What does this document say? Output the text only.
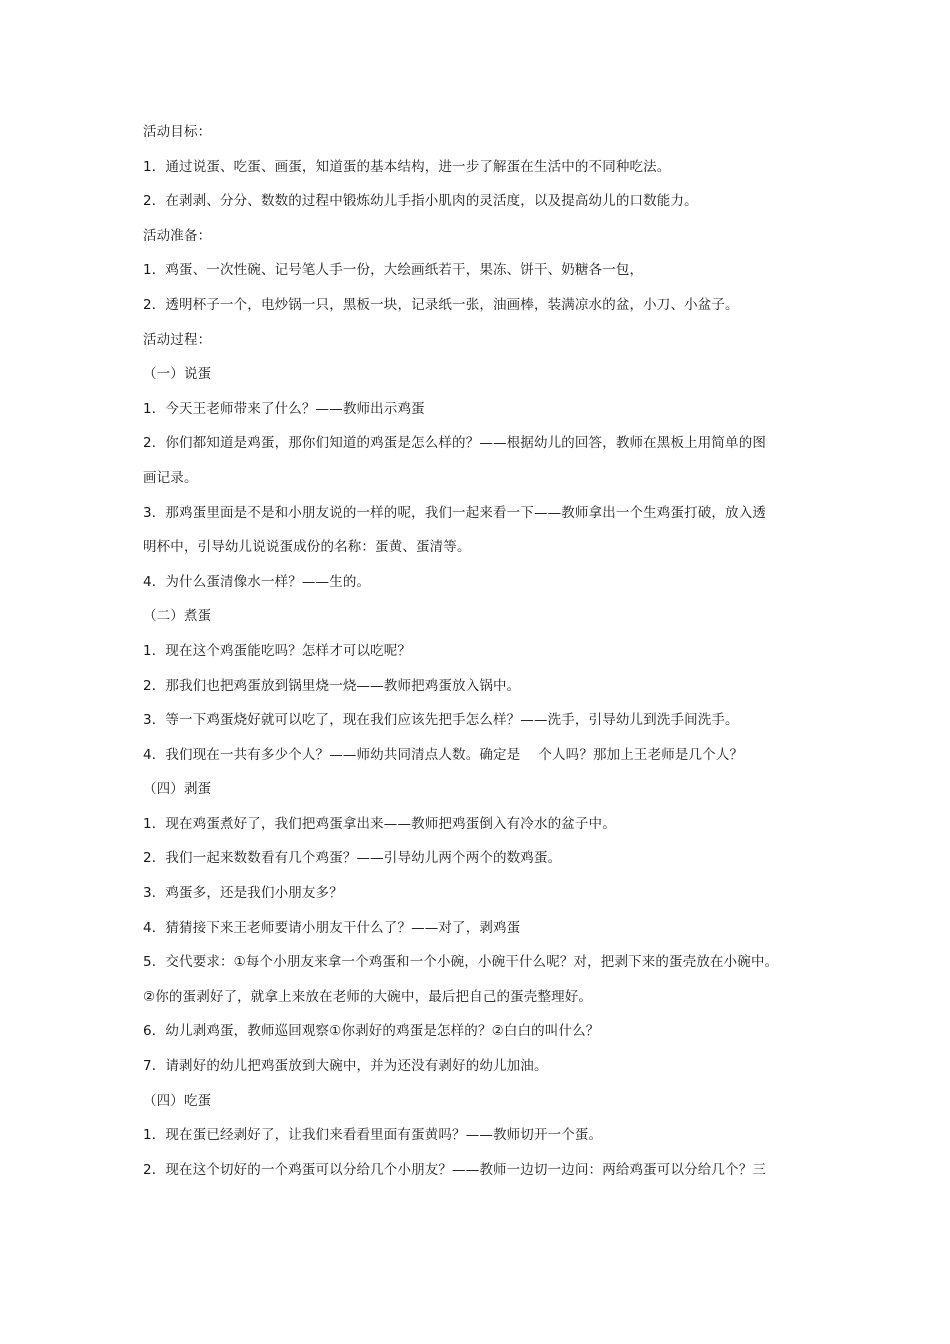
活动目标：
1．通过说蛋、吃蛋、画蛋，知道蛋的基本结构，进一步了解蛋在生活中的不同种吃法。
2．在剥剥、分分、数数的过程中锻炼幼儿手指小肌肉的灵活度，以及提高幼儿的口数能力。
活动准备：
1．鸡蛋、一次性碗、记号笔人手一份，大绘画纸若干，果冻、饼干、奶糖各一包，
2．透明杯子一个，电炒锅一只，黑板一块，记录纸一张，油画棒，装满凉水的盆，小刀、小盆子。
活动过程：
（一）说蛋
1．今天王老师带来了什么？——教师出示鸡蛋
2．你们都知道是鸡蛋，那你们知道的鸡蛋是怎么样的？——根据幼儿的回答，教师在黑板上用简单的图
画记录。
3．那鸡蛋里面是不是和小朋友说的一样的呢，我们一起来看一下——教师拿出一个生鸡蛋打破，放入透
明杯中，引导幼儿说说蛋成份的名称：蛋黄、蛋清等。
4．为什么蛋清像水一样？——生的。
（二）煮蛋
1．现在这个鸡蛋能吃吗？怎样才可以吃呢？
2．那我们也把鸡蛋放到锅里烧一烧——教师把鸡蛋放入锅中。
3．等一下鸡蛋烧好就可以吃了，现在我们应该先把手怎么样？——洗手，引导幼儿到洗手间洗手。
4．我们现在一共有多少个人？——师幼共同清点人数。确定是　 个人吗？那加上王老师是几个人？
（四）剥蛋
1．现在鸡蛋煮好了，我们把鸡蛋拿出来——教师把鸡蛋倒入有冷水的盆子中。
2．我们一起来数数看有几个鸡蛋？——引导幼儿两个两个的数鸡蛋。
3．鸡蛋多，还是我们小朋友多？
4．猜猜接下来王老师要请小朋友干什么了？——对了，剥鸡蛋
5．交代要求：①每个小朋友来拿一个鸡蛋和一个小碗，小碗干什么呢？对，把剥下来的蛋壳放在小碗中。
②你的蛋剥好了，就拿上来放在老师的大碗中，最后把自己的蛋壳整理好。
6．幼儿剥鸡蛋，教师巡回观察①你剥好的鸡蛋是怎样的？②白白的叫什么？
7．请剥好的幼儿把鸡蛋放到大碗中，并为还没有剥好的幼儿加油。
（四）吃蛋
1．现在蛋已经剥好了，让我们来看看里面有蛋黄吗？——教师切开一个蛋。
2．现在这个切好的一个鸡蛋可以分给几个小朋友？——教师一边切一边问：两给鸡蛋可以分给几个？三
